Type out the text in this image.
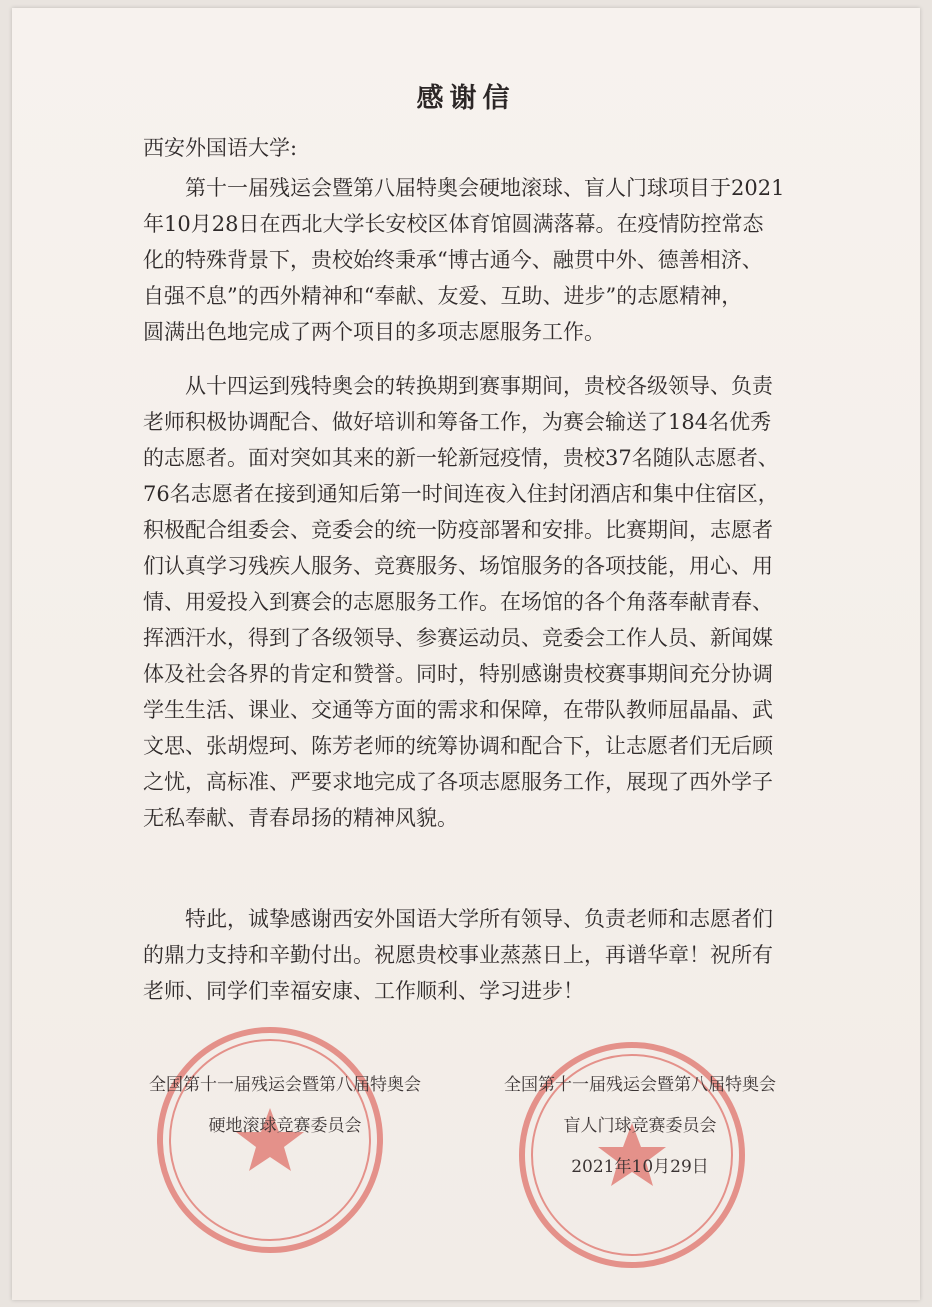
感谢信
西安外国语大学:

第十一届残运会暨第八届特奥会硬地滚球、盲人门球项目于2021
年10月28日在西北大学长安校区体育馆圆满落幕。在疫情防控常态
化的特殊背景下，贵校始终秉承“博古通今、融贯中外、德善相济、
自强不息”的西外精神和“奉献、友爱、互助、进步”的志愿精神，
圆满出色地完成了两个项目的多项志愿服务工作。

从十四运到残特奥会的转换期到赛事期间，贵校各级领导、负责
老师积极协调配合、做好培训和筹备工作，为赛会输送了184名优秀
的志愿者。面对突如其来的新一轮新冠疫情，贵校37名随队志愿者、
76名志愿者在接到通知后第一时间连夜入住封闭酒店和集中住宿区，
积极配合组委会、竞委会的统一防疫部署和安排。比赛期间，志愿者
们认真学习残疾人服务、竞赛服务、场馆服务的各项技能，用心、用
情、用爱投入到赛会的志愿服务工作。在场馆的各个角落奉献青春、
挥洒汗水，得到了各级领导、参赛运动员、竞委会工作人员、新闻媒
体及社会各界的肯定和赞誉。同时，特别感谢贵校赛事期间充分协调
学生生活、课业、交通等方面的需求和保障，在带队教师屈晶晶、武
文思、张胡煜珂、陈芳老师的统筹协调和配合下，让志愿者们无后顾
之忧，高标准、严要求地完成了各项志愿服务工作，展现了西外学子
无私奉献、青春昂扬的精神风貌。

特此，诚挚感谢西安外国语大学所有领导、负责老师和志愿者们
的鼎力支持和辛勤付出。祝愿贵校事业蒸蒸日上，再谱华章！祝所有
老师、同学们幸福安康、工作顺利、学习进步！

全国第十一届残运会暨第八届特奥会
硬地滚球竞赛委员会
全国第十一届残运会暨第八届特奥会
盲人门球竞赛委员会
2021年10月29日
